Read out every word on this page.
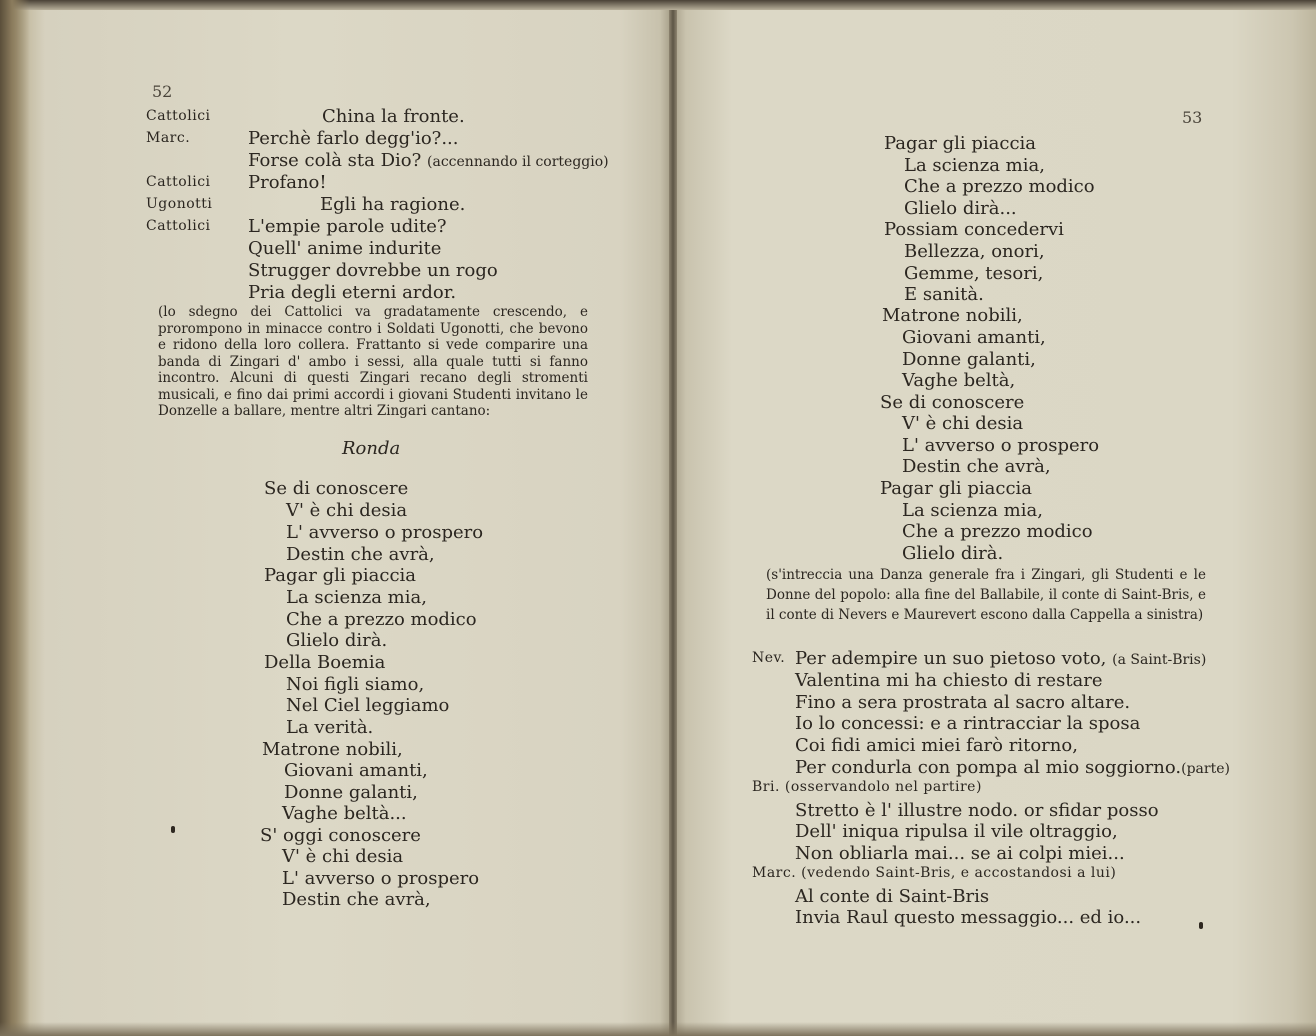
52
Cattolici	China la fronte.
Marc.	Perchè farlo degg'io?...
Forse colà sta Dio? (accennando il corteggio)
Cattolici Profano!
Ugonotti	Egli ha ragione.
Cattolici L'empie parole udite?
Quell' anime indurite
Strugger dovrebbe un rogo
Pria degli eterni ardor.
(lo sdegno dei Cattolici va gradatamente crescendo, e prorompono in minacce contro i Soldati Ugonotti, che bevono e ridono della loro collera. Frattanto si vede comparire una banda di Zingari d' ambo i sessi, alla quale tutti si fanno incontro. Alcuni di questi Zingari recano degli stromenti musicali, e fino dai primi accordi i giovani Studenti invitano le Donzelle a ballare, mentre altri Zingari cantano:
Ronda
Se di conoscere
V' è chi desia
L' avverso o prospero
Destin che avrà,
Pagar gli piaccia
La scienza mia,
Che a prezzo modico
Glielo dirà.
Della Boemia
Noi figli siamo,
Nel Ciel leggiamo
La verità.
Matrone nobili,
Giovani amanti,
Donne galanti,
Vaghe beltà...
S' oggi conoscere
V' è chi desia
L' avverso o prospero
Destin che avrà,
53
Pagar gli piaccia
La scienza mia,
Che a prezzo modico
Glielo dirà...
Possiam concedervi
Bellezza, onori,
Gemme, tesori,
E sanità.
Matrone nobili,
Giovani amanti,
Donne galanti,
Vaghe beltà,
Se di conoscere
V' è chi desia
L' avverso o prospero
Destin che avrà,
Pagar gli piaccia
La scienza mia,
Che a prezzo modico
Glielo dirà.
(s'intreccia una Danza generale fra i Zingari, gli Studenti e le Donne del popolo: alla fine del Ballabile, il conte di Saint-Bris, e il conte di Nevers e Maurevert escono dalla Cappella a sinistra)
Nev. Per adempire un suo pietoso voto, (a Saint-Bris)
Valentina mi ha chiesto di restare
Fino a sera prostrata al sacro altare.
Io lo concessi: e a rintracciar la sposa
Coi fidi amici miei farò ritorno,
Per condurla con pompa al mio soggiorno.(parte)
Bri. (osservandolo nel partire)
Stretto è l' illustre nodo. or sfidar posso
Dell' iniqua ripulsa il vile oltraggio,
Non obliarla mai... se ai colpi miei...
Marc. (vedendo Saint-Bris, e accostandosi a lui)
Al conte di Saint-Bris
Invia Raul questo messaggio... ed io...
